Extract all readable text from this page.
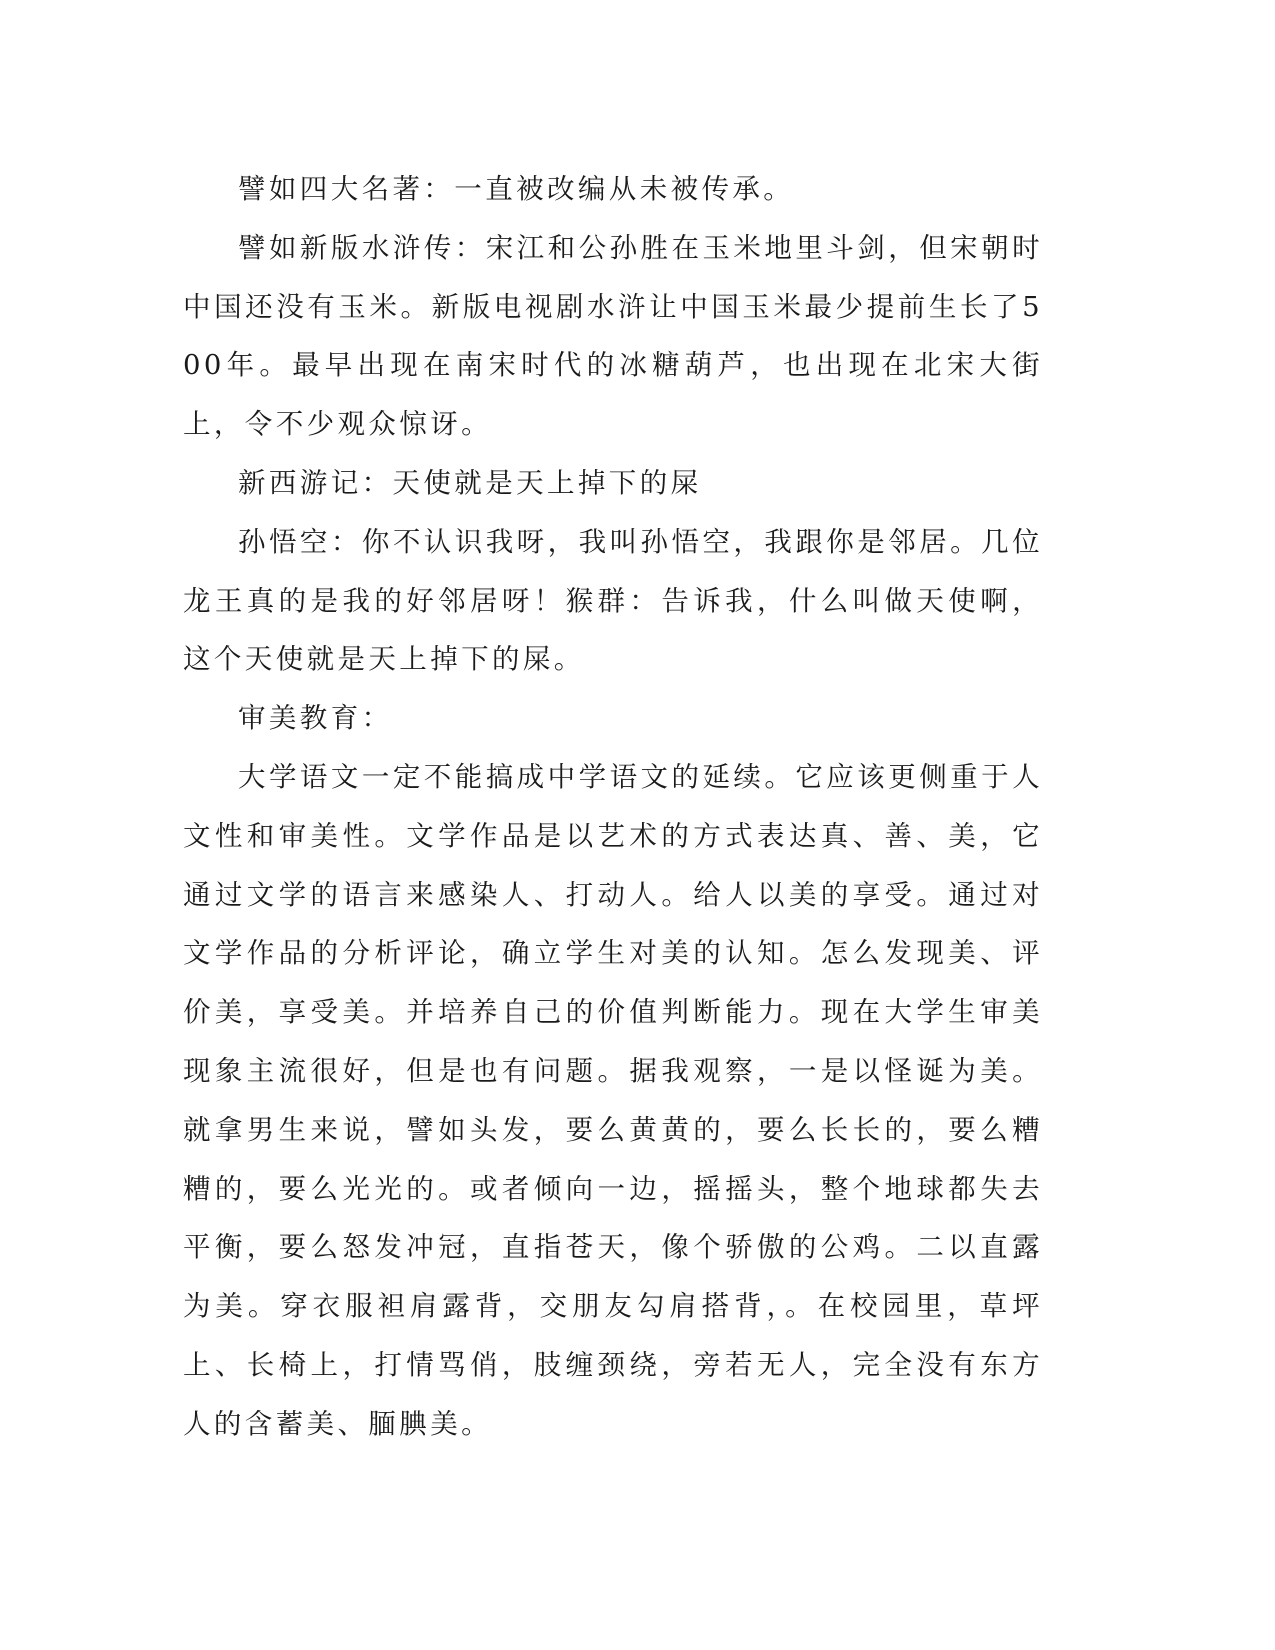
譬如四大名著：一直被改编从未被传承。

譬如新版水浒传：宋江和公孙胜在玉米地里斗剑，但宋朝时中国还没有玉米。新版电视剧水浒让中国玉米最少提前生长了500年。最早出现在南宋时代的冰糖葫芦，也出现在北宋大街上，令不少观众惊讶。

新西游记：天使就是天上掉下的屎

孙悟空：你不认识我呀，我叫孙悟空，我跟你是邻居。几位龙王真的是我的好邻居呀！猴群：告诉我，什么叫做天使啊，这个天使就是天上掉下的屎。

审美教育：

大学语文一定不能搞成中学语文的延续。它应该更侧重于人文性和审美性。文学作品是以艺术的方式表达真、善、美，它通过文学的语言来感染人、打动人。给人以美的享受。通过对文学作品的分析评论，确立学生对美的认知。怎么发现美、评价美，享受美。并培养自己的价值判断能力。现在大学生审美现象主流很好，但是也有问题。据我观察，一是以怪诞为美。就拿男生来说，譬如头发，要么黄黄的，要么长长的，要么糟糟的，要么光光的。或者倾向一边，摇摇头，整个地球都失去平衡，要么怒发冲冠，直指苍天，像个骄傲的公鸡。二以直露为美。穿衣服袒肩露背，交朋友勾肩搭背，。在校园里，草坪上、长椅上，打情骂俏，肢缠颈绕，旁若无人，完全没有东方人的含蓄美、腼腆美。
